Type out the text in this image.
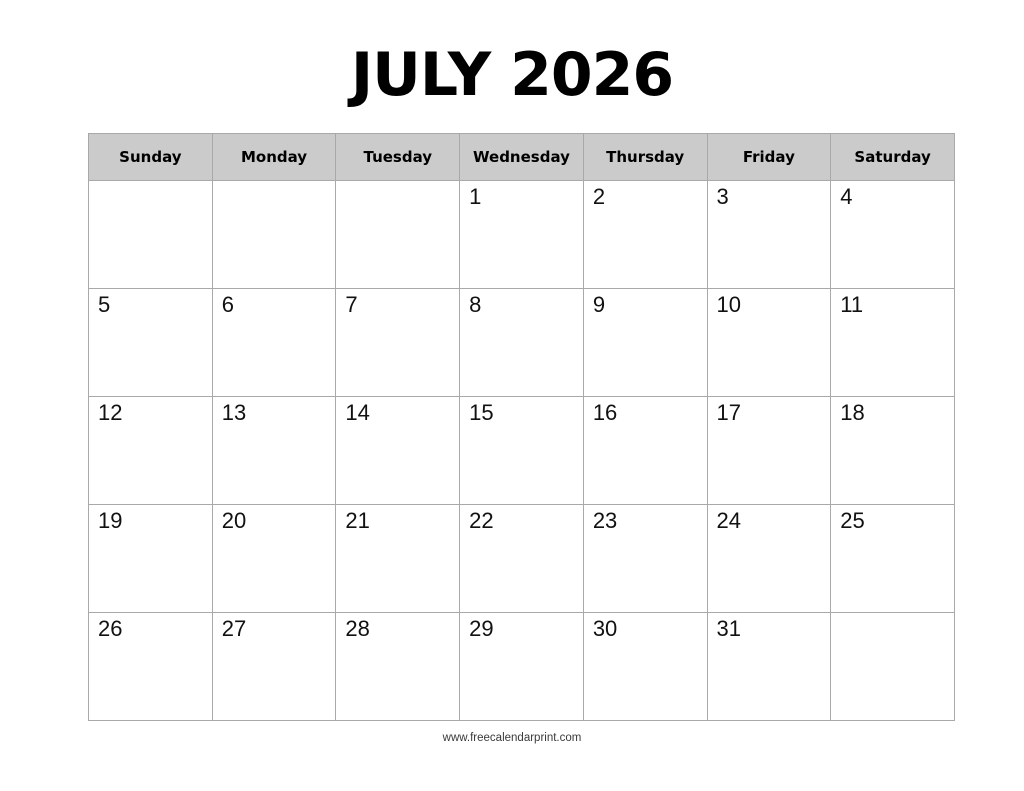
JULY 2026
Sunday	Monday	Tuesday	Wednesday	Thursday	Friday	Saturday
			1	2	3	4
5	6	7	8	9	10	11
12	13	14	15	16	17	18
19	20	21	22	23	24	25
26	27	28	29	30	31	
www.freecalendarprint.com
